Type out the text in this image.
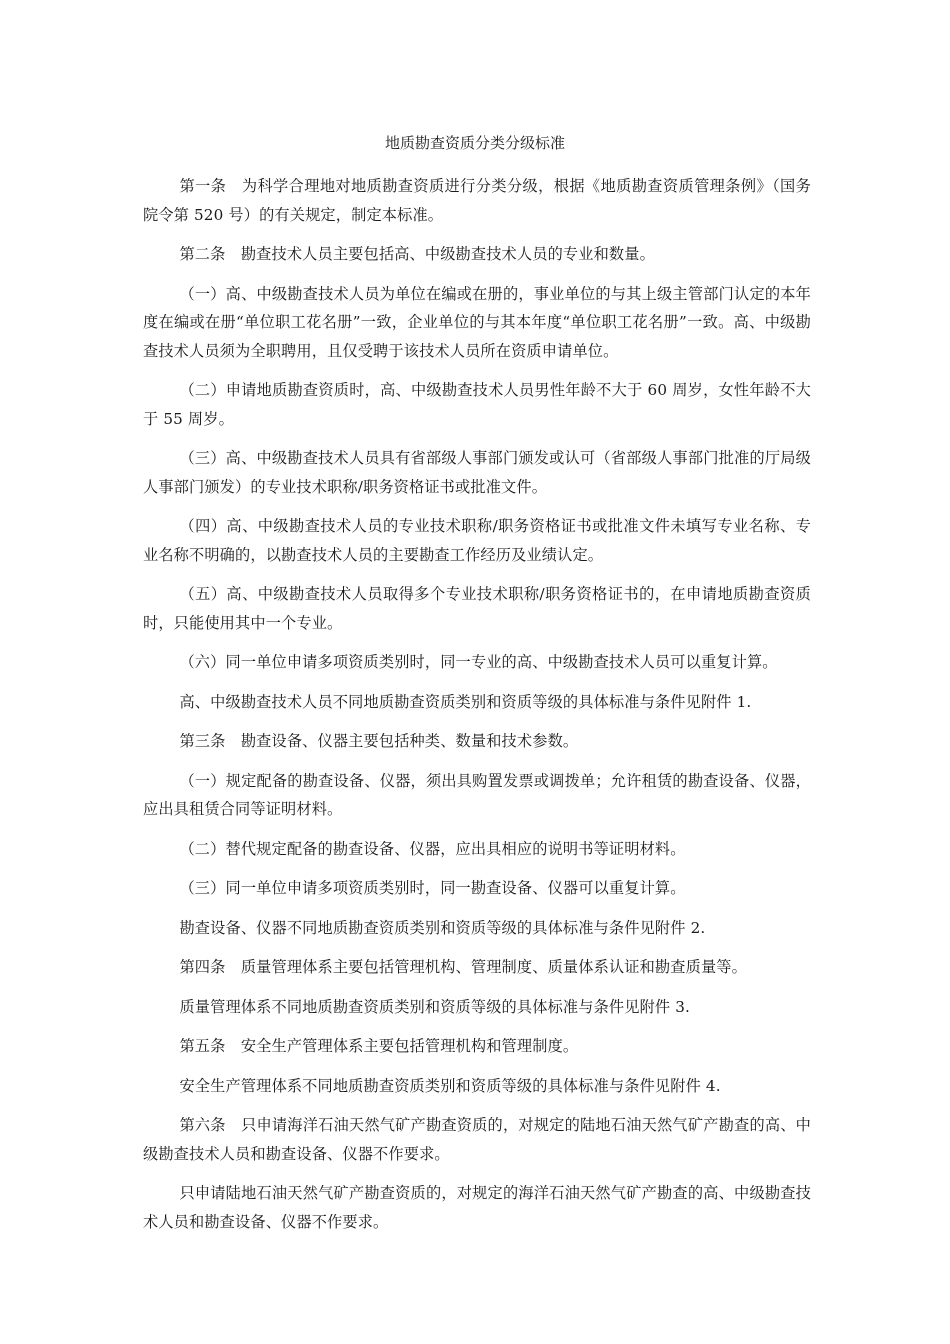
地质勘查资质分类分级标准

第一条　为科学合理地对地质勘查资质进行分类分级，根据《地质勘查资质管理条例》（国务院令第 520 号）的有关规定，制定本标准。

第二条　勘查技术人员主要包括高、中级勘查技术人员的专业和数量。

（一）高、中级勘查技术人员为单位在编或在册的，事业单位的与其上级主管部门认定的本年度在编或在册“单位职工花名册”一致，企业单位的与其本年度“单位职工花名册”一致。高、中级勘查技术人员须为全职聘用，且仅受聘于该技术人员所在资质申请单位。

（二）申请地质勘查资质时，高、中级勘查技术人员男性年龄不大于 60 周岁，女性年龄不大于 55 周岁。

（三）高、中级勘查技术人员具有省部级人事部门颁发或认可（省部级人事部门批准的厅局级人事部门颁发）的专业技术职称/职务资格证书或批准文件。

（四）高、中级勘查技术人员的专业技术职称/职务资格证书或批准文件未填写专业名称、专业名称不明确的，以勘查技术人员的主要勘查工作经历及业绩认定。

（五）高、中级勘查技术人员取得多个专业技术职称/职务资格证书的，在申请地质勘查资质时，只能使用其中一个专业。

（六）同一单位申请多项资质类别时，同一专业的高、中级勘查技术人员可以重复计算。

高、中级勘查技术人员不同地质勘查资质类别和资质等级的具体标准与条件见附件 1.

第三条　勘查设备、仪器主要包括种类、数量和技术参数。

（一）规定配备的勘查设备、仪器，须出具购置发票或调拨单；允许租赁的勘查设备、仪器，应出具租赁合同等证明材料。

（二）替代规定配备的勘查设备、仪器，应出具相应的说明书等证明材料。

（三）同一单位申请多项资质类别时，同一勘查设备、仪器可以重复计算。

勘查设备、仪器不同地质勘查资质类别和资质等级的具体标准与条件见附件 2.

第四条　质量管理体系主要包括管理机构、管理制度、质量体系认证和勘查质量等。

质量管理体系不同地质勘查资质类别和资质等级的具体标准与条件见附件 3.

第五条　安全生产管理体系主要包括管理机构和管理制度。

安全生产管理体系不同地质勘查资质类别和资质等级的具体标准与条件见附件 4.

第六条　只申请海洋石油天然气矿产勘查资质的，对规定的陆地石油天然气矿产勘查的高、中级勘查技术人员和勘查设备、仪器不作要求。

只申请陆地石油天然气矿产勘查资质的，对规定的海洋石油天然气矿产勘查的高、中级勘查技术人员和勘查设备、仪器不作要求。
